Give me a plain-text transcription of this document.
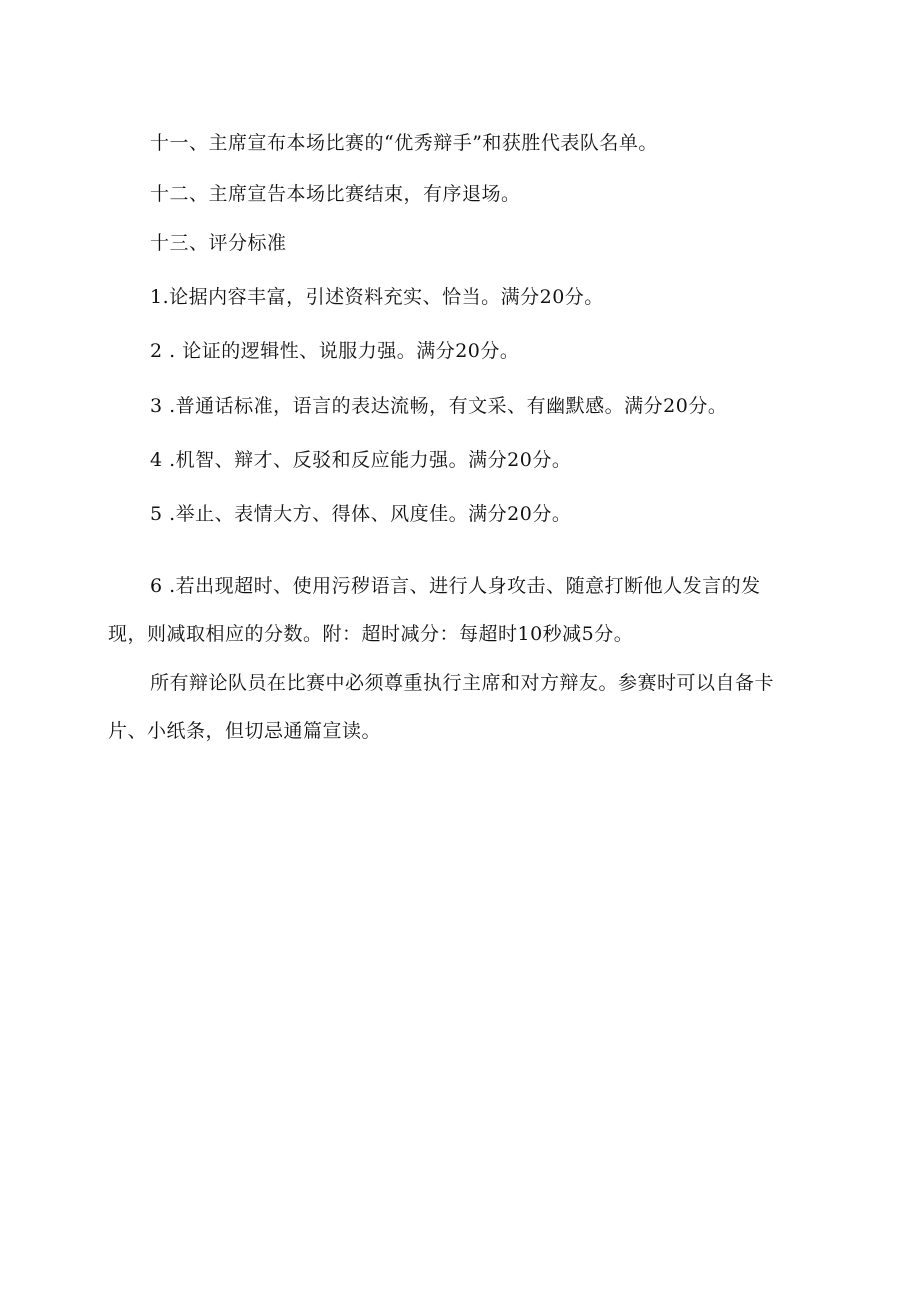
十一、主席宣布本场比赛的“优秀辩手”和获胜代表队名单。
十二、主席宣告本场比赛结束，有序退场。
十三、评分标准
1.论据内容丰富，引述资料充实、恰当。满分20分。
2 . 论证的逻辑性、说服力强。满分20分。
3 .普通话标准，语言的表达流畅，有文采、有幽默感。满分20分。
4 .机智、辩才、反驳和反应能力强。满分20分。
5 .举止、表情大方、得体、风度佳。满分20分。
6 .若出现超时、使用污秽语言、进行人身攻击、随意打断他人发言的发
现，则减取相应的分数。附：超时减分：每超时10秒减5分。
所有辩论队员在比赛中必须尊重执行主席和对方辩友。参赛时可以自备卡
片、小纸条，但切忌通篇宣读。
